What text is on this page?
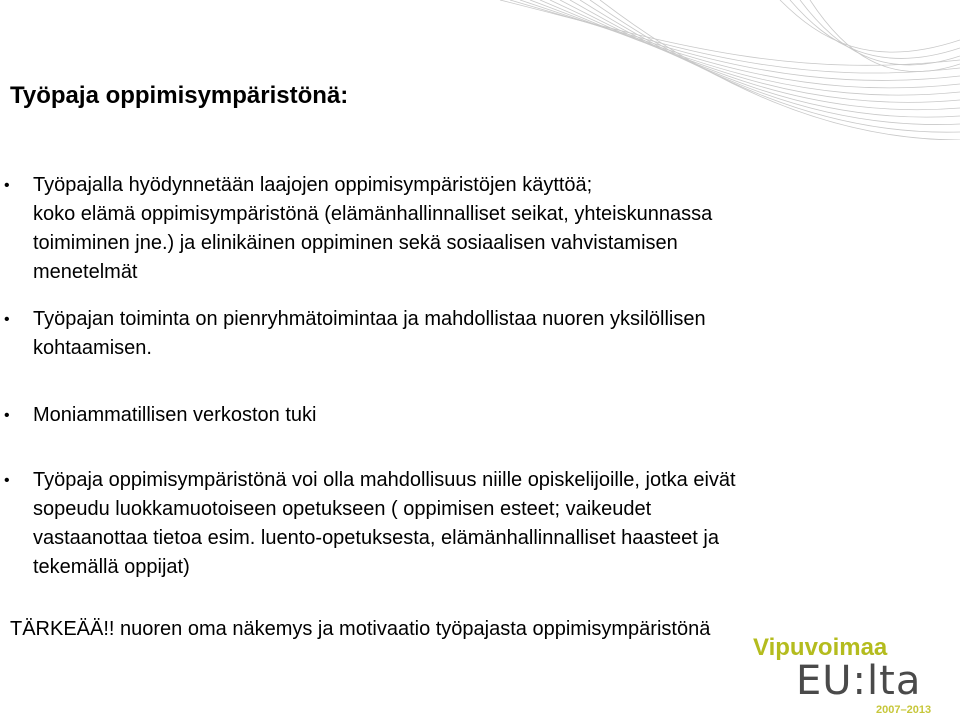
Työpaja oppimisympäristönä:
• Työpajalla hyödynnetään laajojen oppimisympäristöjen käyttöä;
koko elämä oppimisympäristönä (elämänhallinnalliset seikat, yhteiskunnassa
toimiminen jne.) ja elinikäinen oppiminen sekä sosiaalisen vahvistamisen
menetelmät
• Työpajan toiminta on pienryhmätoimintaa ja mahdollistaa nuoren yksilöllisen
kohtaamisen.
• Moniammatillisen verkoston tuki
• Työpaja oppimisympäristönä voi olla mahdollisuus niille opiskelijoille, jotka eivät
sopeudu luokkamuotoiseen opetukseen ( oppimisen esteet; vaikeudet
vastaanottaa tietoa esim. luento-opetuksesta, elämänhallinnalliset haasteet ja
tekemällä oppijat)
Vipuvoimaa
EU:lta
2007–2013

TÄRKEÄÄ!! nuoren oma näkemys ja motivaatio työpajasta oppimisympäristönä
